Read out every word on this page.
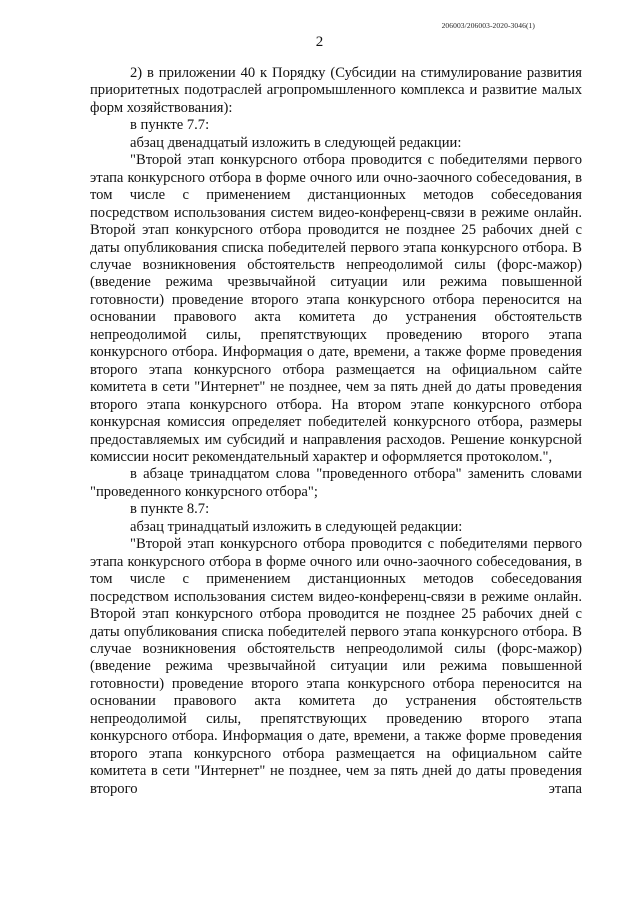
206003/206003-2020-3046(1)
2

2) в приложении 40 к Порядку (Субсидии на стимулирование развития приоритетных подотраслей агропромышленного комплекса и развитие малых форм хозяйствования):

в пункте 7.7:

абзац двенадцатый изложить в следующей редакции:

"Второй этап конкурсного отбора проводится с победителями первого этапа конкурсного отбора в форме очного или очно-заочного собеседования, в том числе с применением дистанционных методов собеседования посредством использования систем видео-конференц-связи в режиме онлайн. Второй этап конкурсного отбора проводится не позднее 25 рабочих дней с даты опубликования списка победителей первого этапа конкурсного отбора. В случае возникновения обстоятельств непреодолимой силы (форс-мажор) (введение режима чрезвычайной ситуации или режима повышенной готовности) проведение второго этапа конкурсного отбора переносится на основании правового акта комитета до устранения обстоятельств непреодолимой силы, препятствующих проведению второго этапа конкурсного отбора. Информация о дате, времени, а также форме проведения второго этапа конкурсного отбора размещается на официальном сайте комитета в сети "Интернет" не позднее, чем за пять дней до даты проведения второго этапа конкурсного отбора. На втором этапе конкурсного отбора конкурсная комиссия определяет победителей конкурсного отбора, размеры предоставляемых им субсидий и направления расходов. Решение конкурсной комиссии носит рекомендательный характер и оформляется протоколом.",

в абзаце тринадцатом слова "проведенного отбора" заменить словами "проведенного конкурсного отбора";

в пункте 8.7:

абзац тринадцатый изложить в следующей редакции:

"Второй этап конкурсного отбора проводится с победителями первого этапа конкурсного отбора в форме очного или очно-заочного собеседования, в том числе с применением дистанционных методов собеседования посредством использования систем видео-конференц-связи в режиме онлайн. Второй этап конкурсного отбора проводится не позднее 25 рабочих дней с даты опубликования списка победителей первого этапа конкурсного отбора. В случае возникновения обстоятельств непреодолимой силы (форс-мажор) (введение режима чрезвычайной ситуации или режима повышенной готовности) проведение второго этапа конкурсного отбора переносится на основании правового акта комитета до устранения обстоятельств непреодолимой силы, препятствующих проведению второго этапа конкурсного отбора. Информация о дате, времени, а также форме проведения второго этапа конкурсного отбора размещается на официальном сайте комитета в сети "Интернет" не позднее, чем за пять дней до даты проведения второго этапа
